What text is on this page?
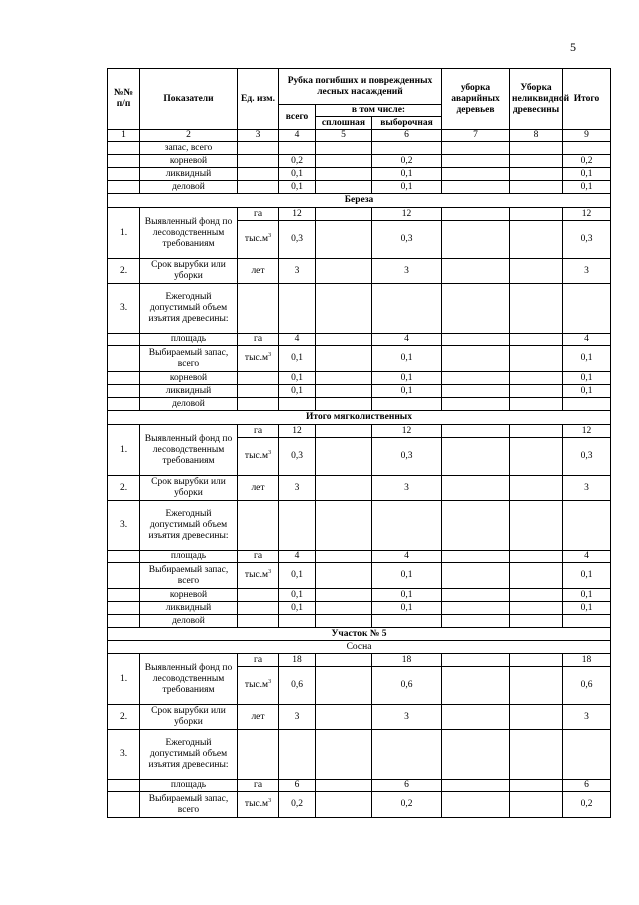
5
№№ п/п	Показатели	Ед. изм.	Рубка погибших и поврежденных лесных насаждений			уборка аварийных деревьев	Уборка неликвидной древесины	Итого
			всего	в том числе:				
				сплошная	выборочная			
1	2	3	4	5	6	7	8	9
	запас, всего							
	корневой		0,2		0,2			0,2
	ликвидный		0,1		0,1			0,1
	деловой		0,1		0,1			0,1
Береза								
1.	Выявленный фонд по лесоводственным требованиям	га	12		12			12
		$тыс.м^3$	0,3		0,3			0,3
2.	Срок вырубки или уборки	лет	3		3			3
3.	Ежегодный допустимый объем изъятия древесины:							
	площадь	га	4		4			4
	Выбираемый запас, всего	$тыс.м^3$	0,1		0,1			0,1
	корневой		0,1		0,1			0,1
	ликвидный		0,1		0,1			0,1
	деловой							
Итого мягколиственных								
1.	Выявленный фонд по лесоводственным требованиям	га	12		12			12
		$тыс.м^3$	0,3		0,3			0,3
2.	Срок вырубки или уборки	лет	3		3			3
3.	Ежегодный допустимый объем изъятия древесины:							
	площадь	га	4		4			4
	Выбираемый запас, всего	$тыс.м^3$	0,1		0,1			0,1
	корневой		0,1		0,1			0,1
	ликвидный		0,1		0,1			0,1
	деловой							
Участок № 5								
Сосна								
1.	Выявленный фонд по лесоводственным требованиям	га	18		18			18
		$тыс.м^3$	0,6		0,6			0,6
2.	Срок вырубки или уборки	лет	3		3			3
3.	Ежегодный допустимый объем изъятия древесины:							
	площадь	га	6		6			6
	Выбираемый запас, всего	$тыс.м^3$	0,2		0,2			0,2
